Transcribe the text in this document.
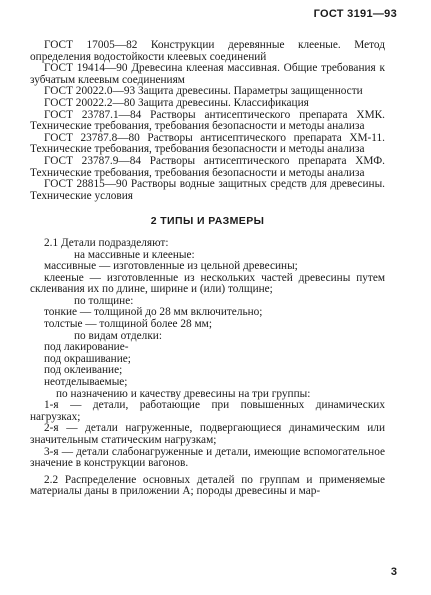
ГОСТ 3191—93

ГОСТ 17005—82 Конструкции деревянные клееные. Метод определения водостойкости клеевых соединений

ГОСТ 19414—90 Древесина клееная массивная. Общие требования к зубчатым клеевым соединениям

ГОСТ 20022.0—93 Защита древесины. Параметры защищенности

ГОСТ 20022.2—80 Защита древесины. Классификация

ГОСТ 23787.1—84 Растворы антисептического препарата ХМК. Технические требования, требования безопасности и методы анализа

ГОСТ 23787.8—80 Растворы антисептического препарата ХМ-11. Технические требования, требования безопасности и методы анализа

ГОСТ 23787.9—84 Растворы антисептического препарата ХМФ. Технические требования, требования безопасности и методы анализа

ГОСТ 28815—90 Растворы водные защитных средств для древесины. Технические условия

2 ТИПЫ И РАЗМЕРЫ

2.1 Детали подразделяют:

на массивные и клееные:

массивные — изготовленные из цельной древесины;

клееные — изготовленные из нескольких частей древесины путем склеивания их по длине, ширине и (или) толщине;

по толщине:

тонкие — толщиной до 28 мм включительно;

толстые — толщиной более 28 мм;

по видам отделки:

под лакирование-

под окрашивание;

под оклеивание;

неотделываемые;

по назначению и качеству древесины на три группы:

1-я — детали, работающие при повышенных динамических нагрузках;

2-я — детали нагруженные, подвергающиеся динамическим или значительным статическим нагрузкам;

3-я — детали слабонагруженные и детали, имеющие вспомогательное значение в конструкции вагонов.

2.2 Распределение основных деталей по группам и применяемые материалы даны в приложении А; породы древесины и мар-

3
